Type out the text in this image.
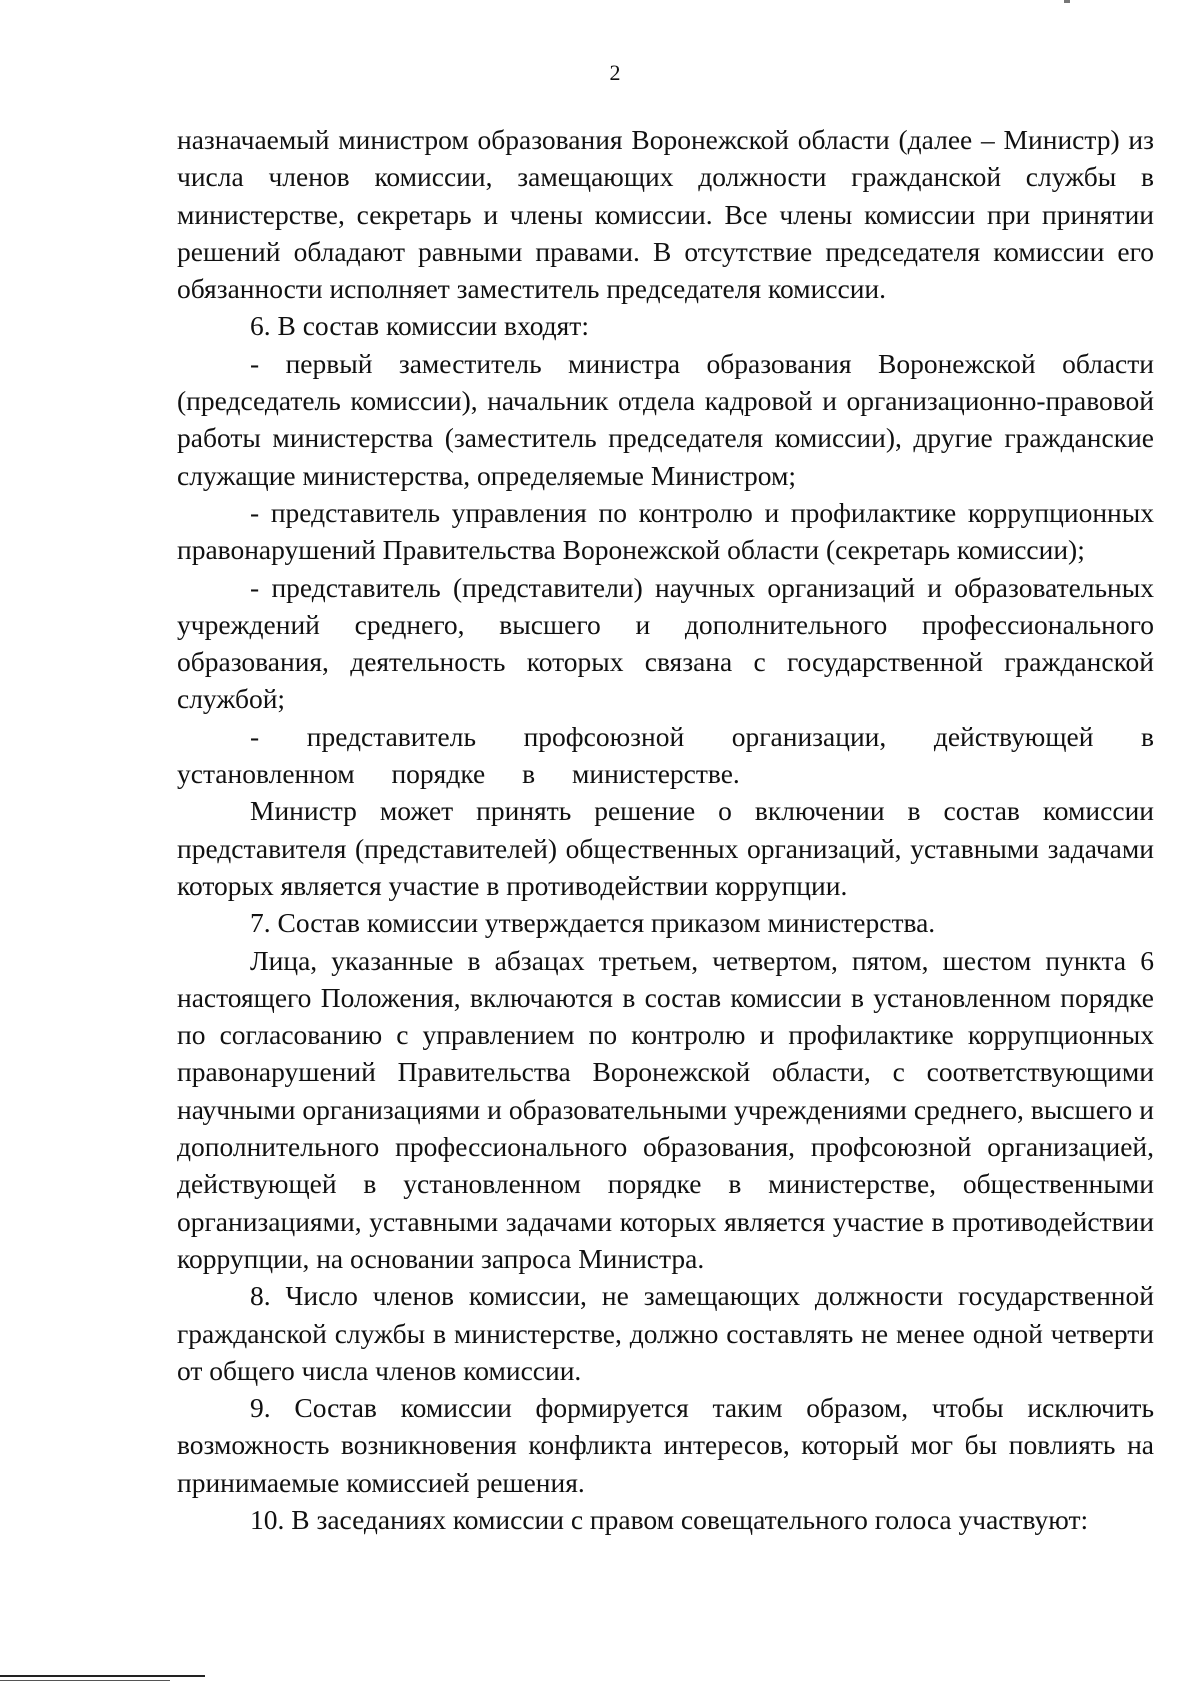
2

назначаемый министром образования Воронежской области (далее – Министр) из числа членов комиссии, замещающих должности гражданской службы в министерстве, секретарь и члены комиссии. Все члены комиссии при принятии решений обладают равными правами. В отсутствие председателя комиссии его обязанности исполняет заместитель председателя комиссии.

6. В состав комиссии входят:

- первый заместитель министра образования Воронежской области (председатель комиссии), начальник отдела кадровой и организационно-правовой работы министерства (заместитель председателя комиссии), другие гражданские служащие министерства, определяемые Министром;

- представитель управления по контролю и профилактике коррупционных правонарушений Правительства Воронежской области (секретарь комиссии);

- представитель (представители) научных организаций и образовательных учреждений среднего, высшего и дополнительного профессионального образования, деятельность которых связана с государственной гражданской службой;

- представитель профсоюзной организации, действующей в установленном порядке в министерстве.

Министр может принять решение о включении в состав комиссии представителя (представителей) общественных организаций, уставными задачами которых является участие в противодействии коррупции.

7. Состав комиссии утверждается приказом министерства.

Лица, указанные в абзацах третьем, четвертом, пятом, шестом пункта 6 настоящего Положения, включаются в состав комиссии в установленном порядке по согласованию с управлением по контролю и профилактике коррупционных правонарушений Правительства Воронежской области, с соответствующими научными организациями и образовательными учреждениями среднего, высшего и дополнительного профессионального образования, профсоюзной организацией, действующей в установленном порядке в министерстве, общественными организациями, уставными задачами которых является участие в противодействии коррупции, на основании запроса Министра.

8. Число членов комиссии, не замещающих должности государственной гражданской службы в министерстве, должно составлять не менее одной четверти от общего числа членов комиссии.

9. Состав комиссии формируется таким образом, чтобы исключить возможность возникновения конфликта интересов, который мог бы повлиять на принимаемые комиссией решения.

10. В заседаниях комиссии с правом совещательного голоса участвуют:
